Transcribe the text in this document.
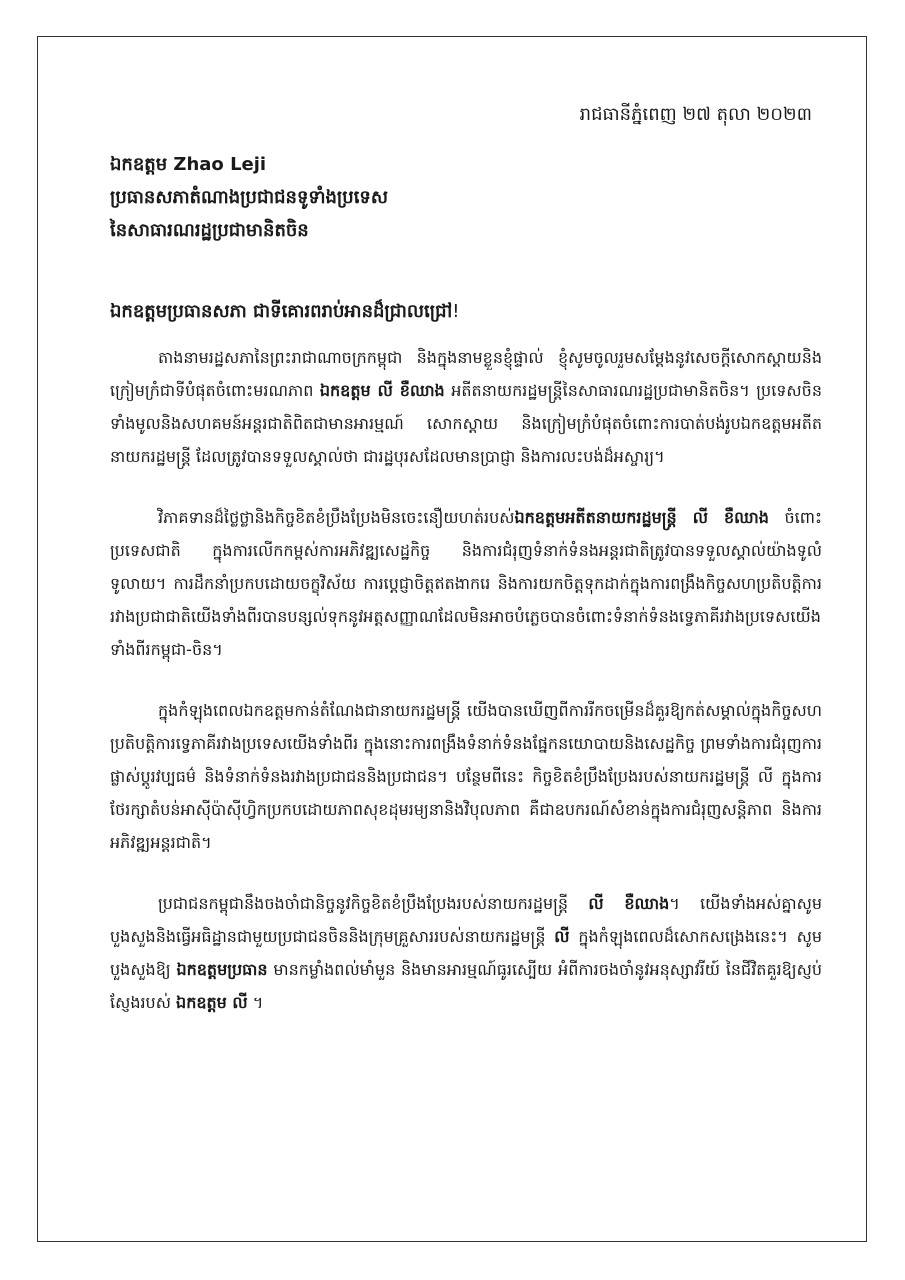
រាជធានីភ្នំពេញ ២៧ តុលា ២០២៣

ឯកឧត្តម Zhao Leji

ប្រធានសភាតំណាងប្រជាជនទូទាំងប្រទេស

នៃសាធារណរដ្ឋប្រជាមានិតចិន

ឯកឧត្តមប្រធានសភា ជាទីគោរពរាប់អានដ៏ជ្រាលជ្រៅ!

តាងនាមរដ្ឋសភានៃព្រះរាជាណាចក្រកម្ពុជា និងក្នុងនាមខ្លួនខ្ញុំផ្ទាល់ ខ្ញុំសូមចូលរួមសម្ដែងនូវសេចក្ដីសោកស្ដាយនិងក្រៀមក្រំជាទីបំផុតចំពោះមរណភាព ឯកឧត្តម លី ខឺឈាង អតីតនាយករដ្ឋមន្ត្រីនៃសាធារណរដ្ឋប្រជាមានិតចិន។ ប្រទេសចិនទាំងមូលនិងសហគមន៍អន្តរជាតិពិតជាមានអារម្មណ៍ សោកស្ដាយ និងក្រៀមក្រំបំផុតចំពោះការបាត់បង់រូបឯកឧត្តមអតីតនាយករដ្ឋមន្ត្រី ដែលត្រូវបានទទួលស្គាល់ថា ជារដ្ឋបុរសដែលមានប្រាជ្ញា និងការលះបង់ដ៏អស្ចារ្យ។

វិភាគទានដ៏ថ្លៃថ្លានិងកិច្ចខិតខំប្រឹងប្រែងមិនចេះនឿយហត់របស់ឯកឧត្តមអតីតនាយករដ្ឋមន្ត្រី លី ខឺឈាង ចំពោះប្រទេសជាតិ ក្នុងការលើកកម្ពស់ការអភិវឌ្ឍសេដ្ឋកិច្ច និងការជំរុញទំនាក់ទំនងអន្តរជាតិត្រូវបានទទួលស្គាល់យ៉ាងទូលំទូលាយ។ ការដឹកនាំប្រកបដោយចក្ខុវិស័យ ការប្ដេជ្ញាចិត្តឥតងាករេ និងការយកចិត្តទុកដាក់ក្នុងការពង្រឹងកិច្ចសហប្រតិបត្តិការរវាងប្រជាជាតិយើងទាំងពីរបានបន្សល់ទុកនូវអត្តសញ្ញាណដែលមិនអាចបំភ្លេចបានចំពោះទំនាក់ទំនងទ្វេភាគីរវាងប្រទេសយើងទាំងពីរកម្ពុជា-ចិន។

ក្នុងកំឡុងពេលឯកឧត្តមកាន់តំណែងជានាយករដ្ឋមន្ត្រី យើងបានឃើញពីការរីកចម្រើនដ៏គួរឱ្យកត់សម្គាល់ក្នុងកិច្ចសហប្រតិបត្តិការទ្វេភាគីរវាងប្រទេសយើងទាំងពីរ ក្នុងនោះការពង្រឹងទំនាក់ទំនងផ្នែកនយោបាយនិងសេដ្ឋកិច្ច ព្រមទាំងការជំរុញការផ្លាស់ប្ដូរវប្បធម៌ និងទំនាក់ទំនងរវាងប្រជាជននិងប្រជាជន។ បន្ថែមពីនេះ កិច្ចខិតខំប្រឹងប្រែងរបស់នាយករដ្ឋមន្ត្រី លី ក្នុងការថែរក្សាតំបន់អាស៊ីប៉ាស៊ីហ្វិកប្រកបដោយភាពសុខដុមរម្យនានិងវិបុលភាព គឺជាឧបករណ៍សំខាន់ក្នុងការជំរុញសន្តិភាព និងការអភិវឌ្ឍអន្តរជាតិ។

ប្រជាជនកម្ពុជានឹងចងចាំជានិច្ចនូវកិច្ចខិតខំប្រឹងប្រែងរបស់នាយករដ្ឋមន្ត្រី លី ខឺឈាង។ យើងទាំងអស់គ្នាសូមបួងសួងនិងធ្វើអធិដ្ឋានជាមួយប្រជាជនចិននិងក្រុមគ្រួសាររបស់នាយករដ្ឋមន្ត្រី លី ក្នុងកំឡុងពេលដ៏សោកសង្រេងនេះ។ សូមបួងសួងឱ្យ ឯកឧត្តមប្រធាន មានកម្លាំងពល់មាំមួន និងមានអារម្មណ៍ធូរស្បើយ អំពីការចងចាំនូវអនុស្សាវរីយ៍ នៃជីវិតគួរឱ្យស្ញប់ស្ញែងរបស់ ឯកឧត្តម លី ។
